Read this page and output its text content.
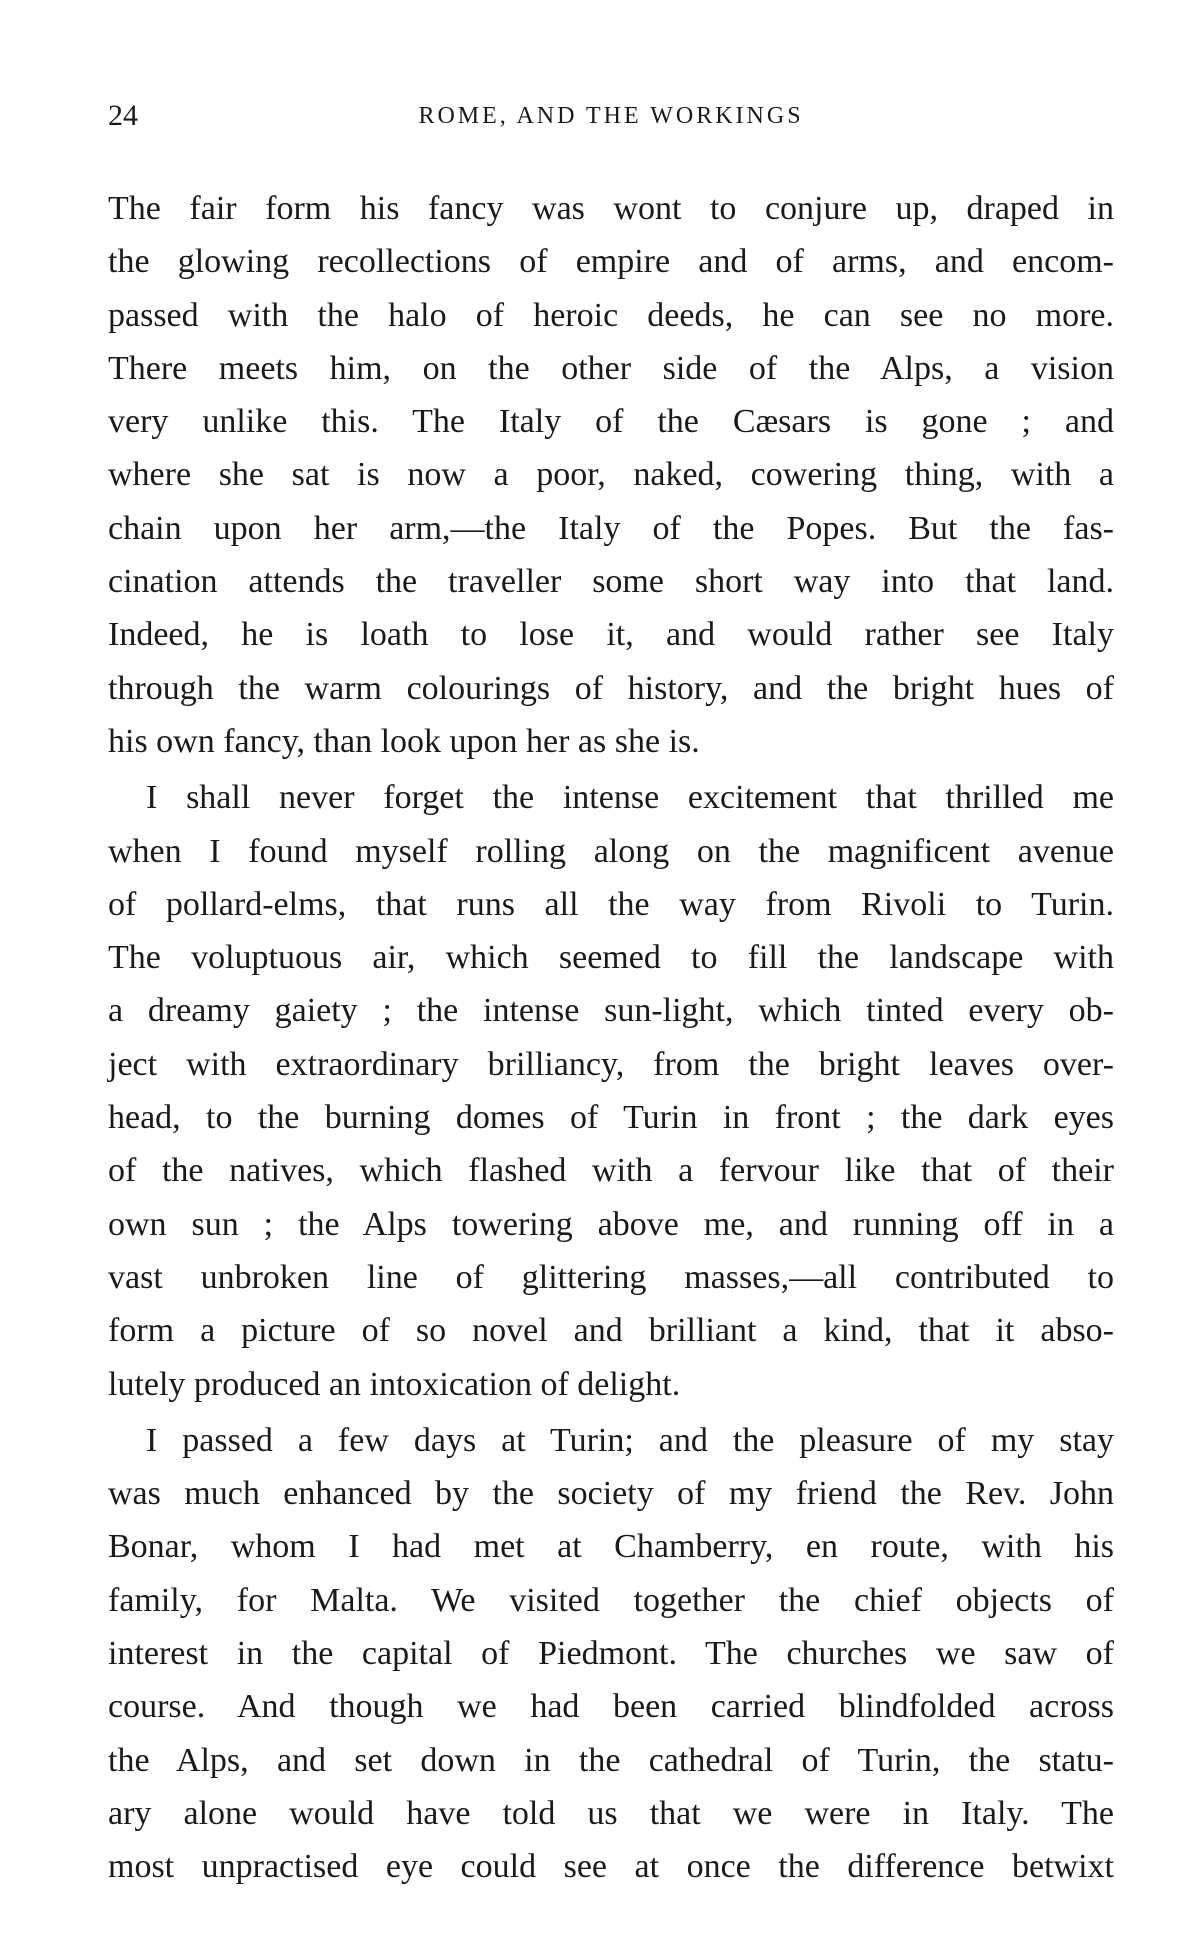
24	ROME, AND THE WORKINGS
The fair form his fancy was wont to conjure up, draped in
the glowing recollections of empire and of arms, and encom-
passed with the halo of heroic deeds, he can see no more.
There meets him, on the other side of the Alps, a vision
very unlike this. The Italy of the Cæsars is gone ; and
where she sat is now a poor, naked, cowering thing, with a
chain upon her arm,—the Italy of the Popes. But the fas-
cination attends the traveller some short way into that land.
Indeed, he is loath to lose it, and would rather see Italy
through the warm colourings of history, and the bright hues of
his own fancy, than look upon her as she is.
I shall never forget the intense excitement that thrilled me
when I found myself rolling along on the magnificent avenue
of pollard-elms, that runs all the way from Rivoli to Turin.
The voluptuous air, which seemed to fill the landscape with
a dreamy gaiety ; the intense sun-light, which tinted every ob-
ject with extraordinary brilliancy, from the bright leaves over-
head, to the burning domes of Turin in front ; the dark eyes
of the natives, which flashed with a fervour like that of their
own sun ; the Alps towering above me, and running off in a
vast unbroken line of glittering masses,—all contributed to
form a picture of so novel and brilliant a kind, that it abso-
lutely produced an intoxication of delight.
I passed a few days at Turin; and the pleasure of my stay
was much enhanced by the society of my friend the Rev. John
Bonar, whom I had met at Chamberry, en route, with his
family, for Malta. We visited together the chief objects of
interest in the capital of Piedmont. The churches we saw of
course. And though we had been carried blindfolded across
the Alps, and set down in the cathedral of Turin, the statu-
ary alone would have told us that we were in Italy. The
most unpractised eye could see at once the difference betwixt
